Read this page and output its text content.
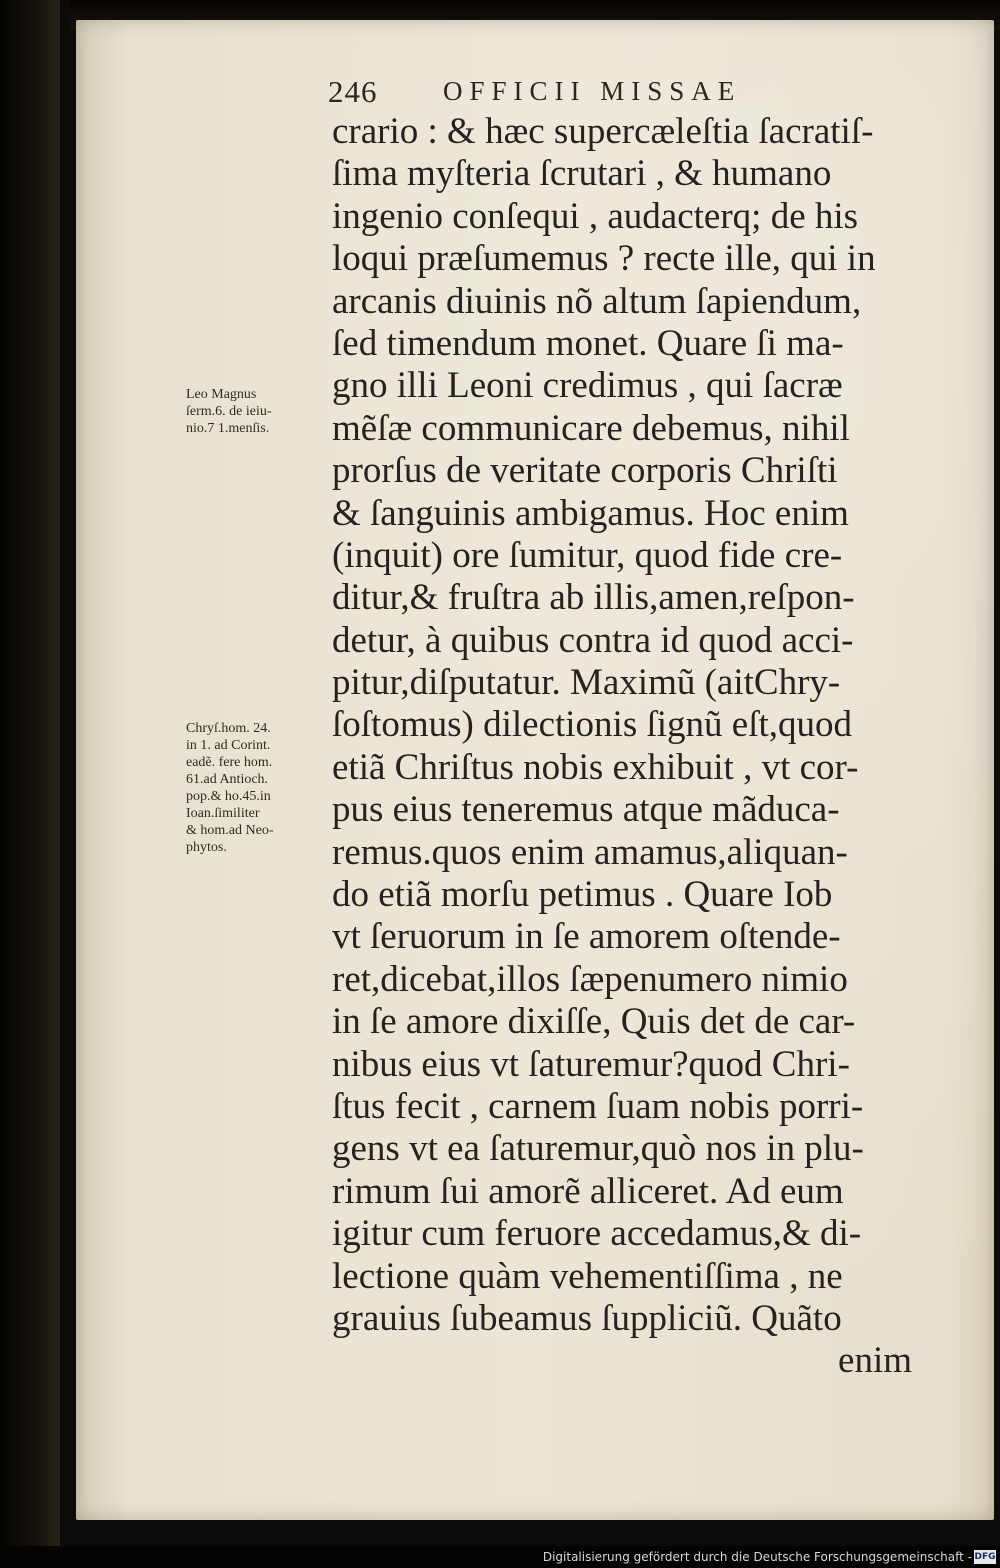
246 OFFICII MISSAE
Leo Magnus
ſerm.6. de ieiu-
nio.7 1.menſis.
Chryſ.hom. 24.
in 1. ad Corint.
eadẽ. fere hom.
61.ad Antioch.
pop.& ho.45.in
Ioan.ſimiliter
& hom.ad Neo-
phytos.
crario : & hæc supercæleſtia ſacratiſ-
ſima myſteria ſcrutari , & humano
ingenio conſequi , audacterq; de his
loqui præſumemus ? recte ille, qui in
arcanis diuinis nõ altum ſapiendum,
ſed timendum monet. Quare ſi ma-
gno illi Leoni credimus , qui ſacræ
mẽſæ communicare debemus, nihil
prorſus de veritate corporis Chriſti
& ſanguinis ambigamus. Hoc enim
(inquit) ore ſumitur, quod fide cre-
ditur,& fruſtra ab illis,amen,reſpon-
detur, à quibus contra id quod acci-
pitur,diſputatur. Maximũ (aitChry-
ſoſtomus) dilectionis ſignũ eſt,quod
etiã Chriſtus nobis exhibuit , vt cor-
pus eius teneremus atque mãduca-
remus.quos enim amamus,aliquan-
do etiã morſu petimus . Quare Iob
vt ſeruorum in ſe amorem oſtende-
ret,dicebat,illos ſæpenumero nimio
in ſe amore dixiſſe, Quis det de car-
nibus eius vt ſaturemur?quod Chri-
ſtus fecit , carnem ſuam nobis porri-
gens vt ea ſaturemur,quò nos in plu-
rimum ſui amorẽ alliceret. Ad eum
igitur cum feruore accedamus,& di-
lectione quàm vehementiſſima , ne
grauius ſubeamus ſuppliciũ. Quãto
enim
Digitalisierung gefördert durch die Deutsche Forschungsgemeinschaft - DFG
